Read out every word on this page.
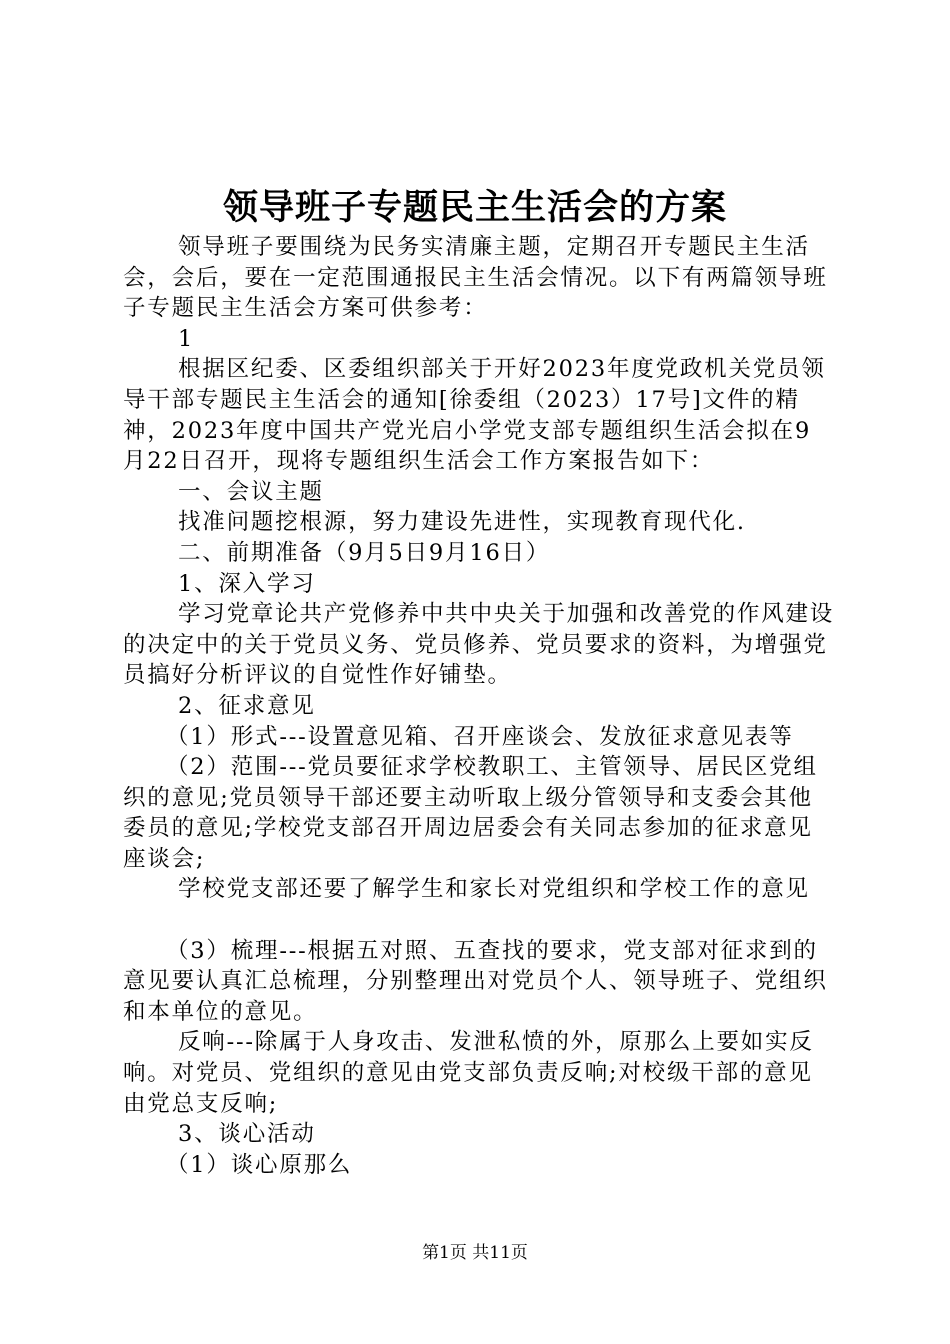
领导班子专题民主生活会的方案

领导班子要围绕为民务实清廉主题，定期召开专题民主生活会，会后，要在一定范围通报民主生活会情况。以下有两篇领导班子专题民主生活会方案可供参考：

1

根据区纪委、区委组织部关于开好2023年度党政机关党员领导干部专题民主生活会的通知[徐委组（2023）17号]文件的精神，2023年度中国共产党光启小学党支部专题组织生活会拟在9月22日召开，现将专题组织生活会工作方案报告如下：

一、会议主题

找准问题挖根源，努力建设先进性，实现教育现代化.

二、前期准备（9月5日9月16日）

1、深入学习

学习党章论共产党修养中共中央关于加强和改善党的作风建设的决定中的关于党员义务、党员修养、党员要求的资料，为增强党员搞好分析评议的自觉性作好铺垫。

2、征求意见

（1）形式---设置意见箱、召开座谈会、发放征求意见表等

（2）范围---党员要征求学校教职工、主管领导、居民区党组织的意见;党员领导干部还要主动听取上级分管领导和支委会其他委员的意见;学校党支部召开周边居委会有关同志参加的征求意见座谈会;

学校党支部还要了解学生和家长对党组织和学校工作的意见

（3）梳理---根据五对照、五查找的要求，党支部对征求到的意见要认真汇总梳理，分别整理出对党员个人、领导班子、党组织和本单位的意见。

反响---除属于人身攻击、发泄私愤的外，原那么上要如实反响。对党员、党组织的意见由党支部负责反响;对校级干部的意见由党总支反响;

3、谈心活动

（1）谈心原那么

第1页 共11页
